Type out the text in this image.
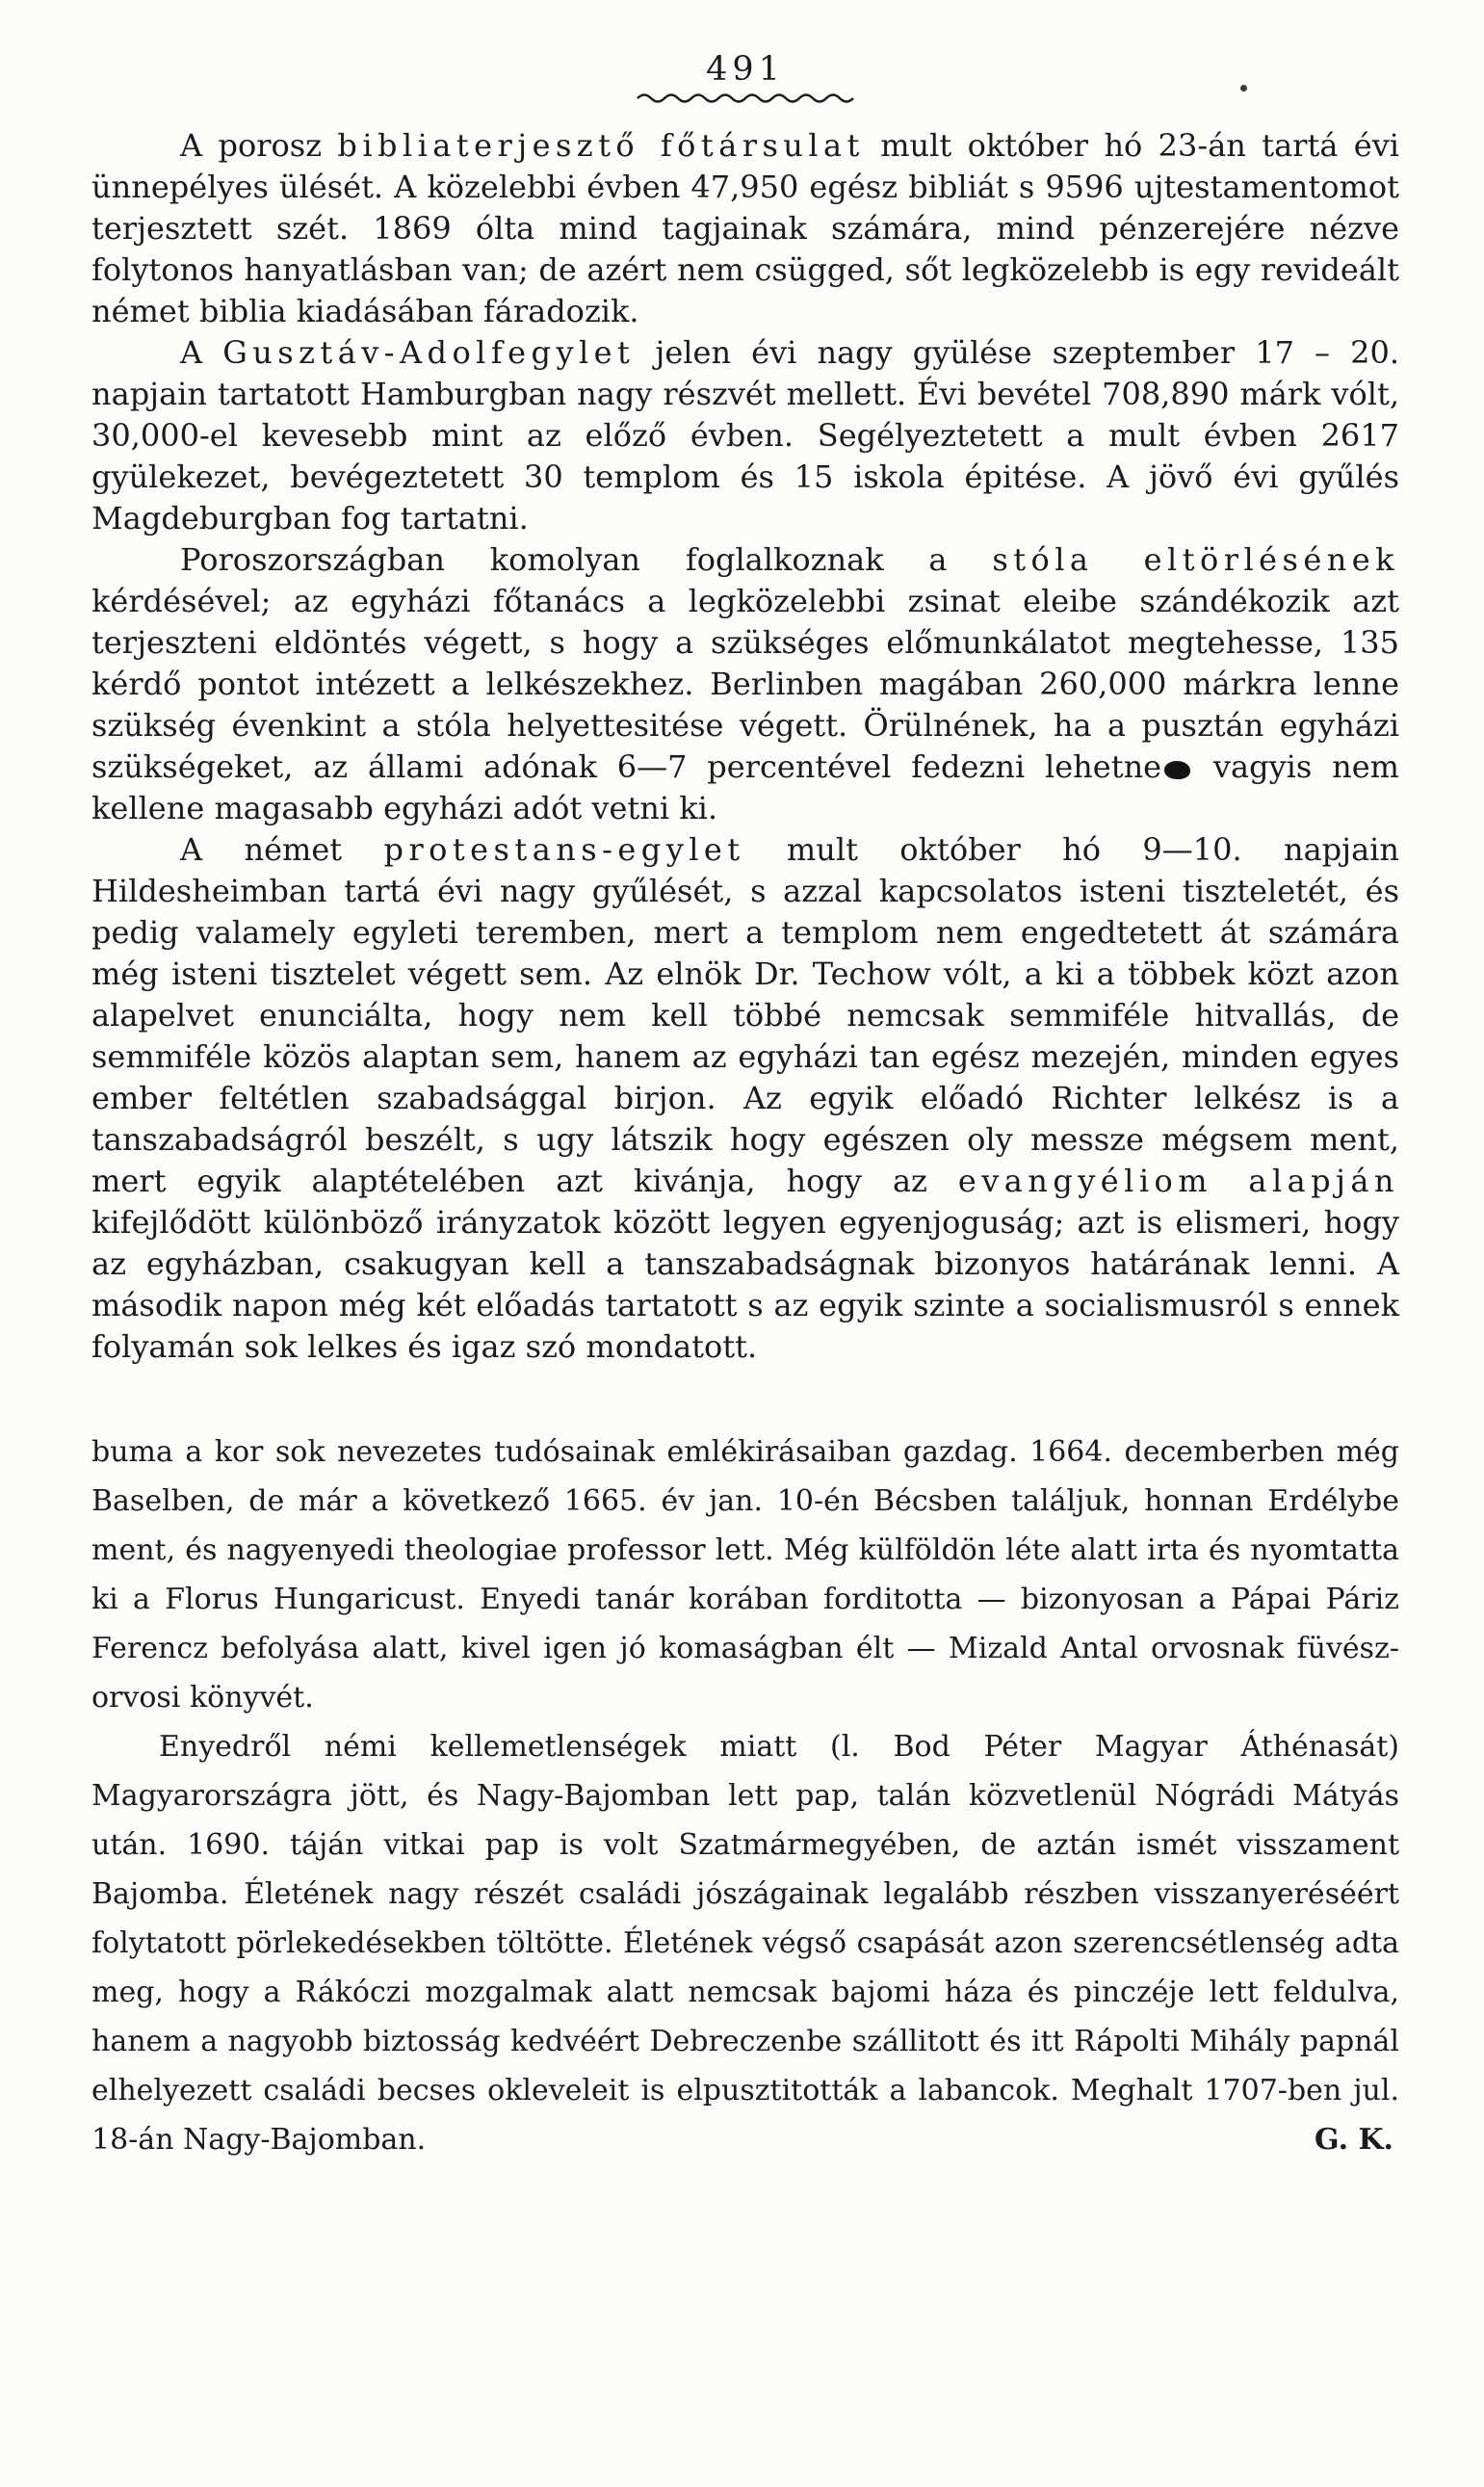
491

A porosz bibliaterjesztő főtársulat mult október hó 23-án tartá évi ünnepélyes ülését. A közelebbi évben 47,950 egész bibliát s 9596 ujtestamentomot terjesztett szét. 1869 ólta mind tagjainak számára, mind pénzerejére nézve folytonos hanyatlásban van; de azért nem csügged, sőt legközelebb is egy revideált német biblia kiadásában fáradozik.

A Gusztáv-Adolfegylet jelen évi nagy gyülése szeptember 17 – 20. napjain tartatott Hamburgban nagy részvét mellett. Évi bevétel 708,890 márk vólt, 30,000-el kevesebb mint az előző évben. Segélyeztetett a mult évben 2617 gyülekezet, bevégeztetett 30 templom és 15 iskola épitése. A jövő évi gyűlés Magdeburgban fog tartatni.

Poroszországban komolyan foglalkoznak a stóla eltörlésének kérdésével; az egyházi főtanács a legközelebbi zsinat eleibe szándékozik azt terjeszteni eldöntés végett, s hogy a szükséges előmunkálatot megtehesse, 135 kérdő pontot intézett a lelkészekhez. Berlinben magában 260,000 márkra lenne szükség évenkint a stóla helyettesitése végett. Örülnének, ha a pusztán egyházi szükségeket, az állami adónak 6—7 percentével fedezni lehetne vagyis nem kellene magasabb egyházi adót vetni ki.

A német protestans-egylet mult október hó 9—10. napjain Hildesheimban tartá évi nagy gyűlését, s azzal kapcsolatos isteni tiszteletét, és pedig valamely egyleti teremben, mert a templom nem engedtetett át számára még isteni tisztelet végett sem. Az elnök Dr. Techow vólt, a ki a többek közt azon alapelvet enunciálta, hogy nem kell többé nemcsak semmiféle hitvallás, de semmiféle közös alaptan sem, hanem az egyházi tan egész mezején, minden egyes ember feltétlen szabadsággal birjon. Az egyik előadó Richter lelkész is a tanszabadságról beszélt, s ugy látszik hogy egészen oly messze mégsem ment, mert egyik alaptételében azt kivánja, hogy az evangyéliom alapján kifejlődött különböző irányzatok között legyen egyenjoguság; azt is elismeri, hogy az egyházban, csakugyan kell a tanszabadságnak bizonyos határának lenni. A második napon még két előadás tartatott s az egyik szinte a socialismusról s ennek folyamán sok lelkes és igaz szó mondatott.

buma a kor sok nevezetes tudósainak emlékirásaiban gazdag. 1664. decemberben még Baselben, de már a következő 1665. év jan. 10-én Bécsben találjuk, honnan Erdélybe ment, és nagyenyedi theologiae professor lett. Még külföldön léte alatt irta és nyomtatta ki a Florus Hungaricust. Enyedi tanár korában forditotta — bizonyosan a Pápai Páriz Ferencz befolyása alatt, kivel igen jó komaságban élt — Mizald Antal orvosnak füvész-orvosi könyvét.

Enyedről némi kellemetlenségek miatt (l. Bod Péter Magyar Áthénasát) Magyarországra jött, és Nagy-Bajomban lett pap, talán közvetlenül Nógrádi Mátyás után. 1690. táján vitkai pap is volt Szatmármegyében, de aztán ismét visszament Bajomba. Életének nagy részét családi jószágainak legalább részben visszanyeréséért folytatott pörlekedésekben töltötte. Életének végső csapását azon szerencsétlenség adta meg, hogy a Rákóczi mozgalmak alatt nemcsak bajomi háza és pinczéje lett feldulva, hanem a nagyobb biztosság kedvéért Debreczenbe szállitott és itt Rápolti Mihály papnál elhelyezett családi becses okleveleit is elpusztitották a labancok. Meghalt 1707-ben jul. 18-án Nagy-Bajomban.	G. K.
